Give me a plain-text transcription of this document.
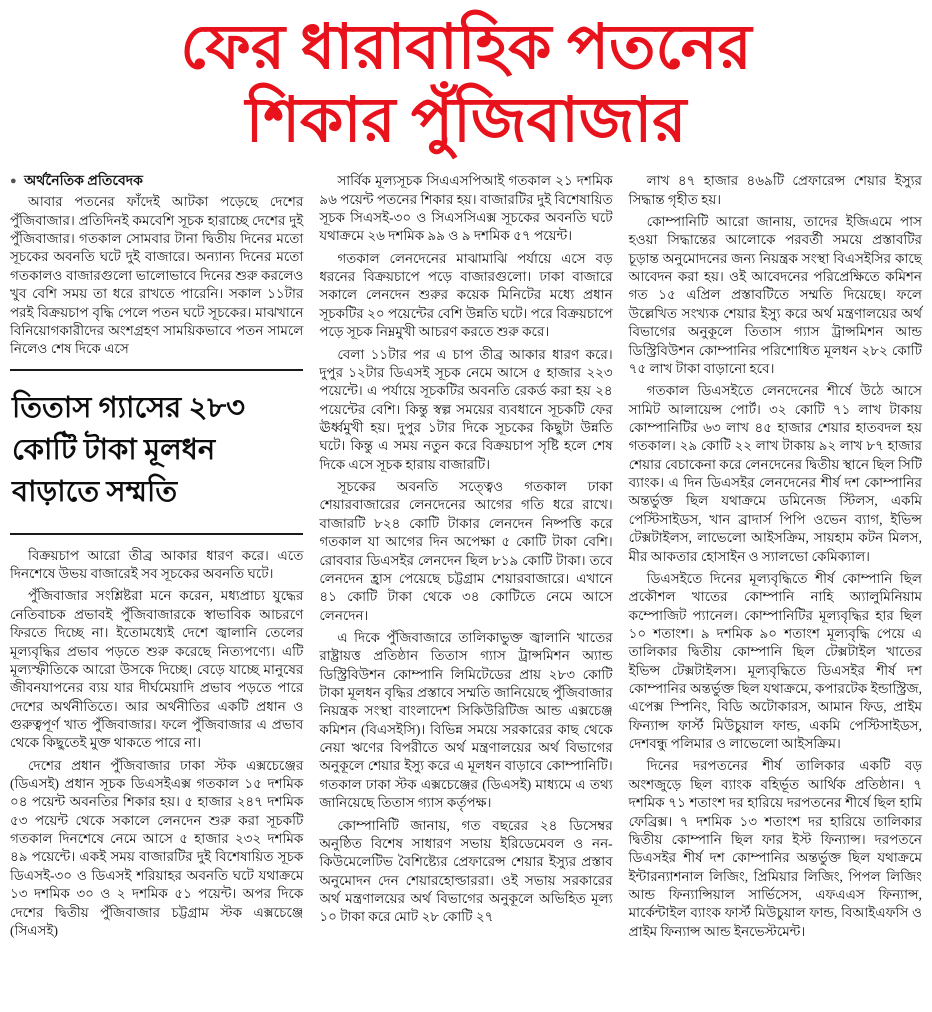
ফের ধারাবাহিক পতনের
শিকার পুঁজিবাজার
● অর্থনৈতিক প্রতিবেদক

আবার পতনের ফাঁদেই আটকা পড়েছে দেশের পুঁজিবাজার। প্রতিদিনই কমবেশি সূচক হারাচ্ছে দেশের দুই পুঁজিবাজার। গতকাল সোমবার টানা দ্বিতীয় দিনের মতো সূচকের অবনতি ঘটে দুই বাজারে। অন্যান্য দিনের মতো গতকালও বাজারগুলো ভালোভাবে দিনের শুরু করলেও খুব বেশি সময় তা ধরে রাখতে পারেনি। সকাল ১১টার পরই বিক্রয়চাপ বৃদ্ধি পেলে পতন ঘটে সূচকের। মাঝখানে বিনিয়োগকারীদের অংশগ্রহণ সাময়িকভাবে পতন সামলে নিলেও শেষ দিকে এসে

তিতাস গ্যাসের ২৮৩ কোটি টাকা মূলধন বাড়াতে সম্মতি

বিক্রয়চাপ আরো তীব্র আকার ধারণ করে। এতে দিনশেষে উভয় বাজারেই সব সূচকের অবনতি ঘটে।

পুঁজিবাজার সংশ্লিষ্টরা মনে করেন, মধ্যপ্রাচ্য যুদ্ধের নেতিবাচক প্রভাবই পুঁজিবাজারকে স্বাভাবিক আচরণে ফিরতে দিচ্ছে না। ইতোমধ্যেই দেশে জ্বালানি তেলের মূল্যবৃদ্ধির প্রভাব পড়তে শুরু করেছে নিত্যপণ্যে। এটি মূল্যস্ফীতিকে আরো উসকে দিচ্ছে। বেড়ে যাচ্ছে মানুষের জীবনযাপনের ব্যয় যার দীর্ঘমেয়াদি প্রভাব পড়তে পারে দেশের অর্থনীতিতে। আর অর্থনীতির একটি প্রধান ও গুরুত্বপূর্ণ খাত পুঁজিবাজার। ফলে পুঁজিবাজার এ প্রভাব থেকে কিছুতেই মুক্ত থাকতে পারে না।

দেশের প্রধান পুঁজিবাজার ঢাকা স্টক এক্সচেঞ্জের (ডিএসই) প্রধান সূচক ডিএসইএক্স গতকাল ১৫ দশমিক ০৪ পয়েন্ট অবনতির শিকার হয়। ৫ হাজার ২৪৭ দশমিক ৫৩ পয়েন্ট থেকে সকালে লেনদেন শুরু করা সূচকটি গতকাল দিনশেষে নেমে আসে ৫ হাজার ২৩২ দশমিক ৪৯ পয়েন্টে। একই সময় বাজারটির দুই বিশেষায়িত সূচক ডিএসই-৩০ ও ডিএসই শরিয়াহর অবনতি ঘটে যথাক্রমে ১৩ দশমিক ৩০ ও ২ দশমিক ৫১ পয়েন্ট। অপর দিকে দেশের দ্বিতীয় পুঁজিবাজার চট্টগ্রাম স্টক এক্সচেঞ্জে (সিএসই)

সার্বিক মূল্যসূচক সিএএসপিআই গতকাল ২১ দশমিক ৯৬ পয়েন্ট পতনের শিকার হয়। বাজারটির দুই বিশেষায়িত সূচক সিএসই-৩০ ও সিএসসিএক্স সূচকের অবনতি ঘটে যথাক্রমে ২৬ দশমিক ৯৯ ও ৯ দশমিক ৫৭ পয়েন্ট।

গতকাল লেনদেনের মাঝামাঝি পর্যায়ে এসে বড় ধরনের বিক্রয়চাপে পড়ে বাজারগুলো। ঢাকা বাজারে সকালে লেনদেন শুরুর কয়েক মিনিটের মধ্যে প্রধান সূচকটির ২০ পয়েন্টের বেশি উন্নতি ঘটে। পরে বিক্রয়চাপে পড়ে সূচক নিম্নমুখী আচরণ করতে শুরু করে।

বেলা ১১টার পর এ চাপ তীব্র আকার ধারণ করে। দুপুর ১২টার ডিএসই সূচক নেমে আসে ৫ হাজার ২২৩ পয়েন্টে। এ পর্যায়ে সূচকটির অবনতি রেকর্ড করা হয় ২৪ পয়েন্টের বেশি। কিন্তু স্বল্প সময়ের ব্যবধানে সূচকটি ফের ঊর্ধ্বমুখী হয়। দুপুর ১টার দিকে সূচকের কিছুটা উন্নতি ঘটে। কিন্তু এ সময় নতুন করে বিক্রয়চাপ সৃষ্টি হলে শেষ দিকে এসে সূচক হারায় বাজারটি।

সূচকের অবনতি সত্ত্বেও গতকাল ঢাকা শেয়ারবাজারের লেনদেনের আগের গতি ধরে রাখে। বাজারটি ৮২৪ কোটি টাকার লেনদেন নিষ্পত্তি করে গতকাল যা আগের দিন অপেক্ষা ৫ কোটি টাকা বেশি। রোববার ডিএসইর লেনদেন ছিল ৮১৯ কোটি টাকা। তবে লেনদেন হ্রাস পেয়েছে চট্টগ্রাম শেয়ারবাজারে। এখানে ৪১ কোটি টাকা থেকে ৩৪ কোটিতে নেমে আসে লেনদেন।

এ দিকে পুঁজিবাজারে তালিকাভুক্ত জ্বালানি খাতের রাষ্ট্রায়ত্ত প্রতিষ্ঠান তিতাস গ্যাস ট্রান্সমিশন অ্যান্ড ডিস্ট্রিবিউশন কোম্পানি লিমিটেডের প্রায় ২৮৩ কোটি টাকা মূলধন বৃদ্ধির প্রস্তাবে সম্মতি জানিয়েছে পুঁজিবাজার নিয়ন্ত্রক সংস্থা বাংলাদেশ সিকিউরিটিজ আন্ড এক্সচেঞ্জ কমিশন (বিএসইসি)। বিভিন্ন সময়ে সরকারের কাছ থেকে নেয়া ঋণের বিপরীতে অর্থ মন্ত্রণালয়ের অর্থ বিভাগের অনুকূলে শেয়ার ইস্যু করে এ মূলধন বাড়াবে কোম্পানিটি। গতকাল ঢাকা স্টক এক্সচেঞ্জের (ডিএসই) মাধ্যমে এ তথ্য জানিয়েছে তিতাস গ্যাস কর্তৃপক্ষ।

কোম্পানিটি জানায়, গত বছরের ২৪ ডিসেম্বর অনুষ্ঠিত বিশেষ সাধারণ সভায় ইরিডেমেবল ও নন-কিউমেলেটিভ বৈশিষ্ট্যের প্রেফারেন্স শেয়ার ইস্যুর প্রস্তাব অনুমোদন দেন শেয়ারহোল্ডাররা। ওই সভায় সরকারের অর্থ মন্ত্রণালয়ের অর্থ বিভাগের অনুকূলে অভিহিত মূল্য ১০ টাকা করে মোট ২৮ কোটি ২৭

লাখ ৪৭ হাজার ৪৬৯টি প্রেফারেন্স শেয়ার ইস্যুর সিদ্ধান্ত গৃহীত হয়।

কোম্পানিটি আরো জানায়, তাদের ইজিএমে পাস হওয়া সিদ্ধান্তের আলোকে পরবর্তী সময়ে প্রস্তাবটির চূড়ান্ত অনুমোদনের জন্য নিয়ন্ত্রক সংস্থা বিএসইসির কাছে আবেদন করা হয়। ওই আবেদনের পরিপ্রেক্ষিতে কমিশন গত ১৫ এপ্রিল প্রস্তাবটিতে সম্মতি দিয়েছে। ফলে উল্লেখিত সংখ্যক শেয়ার ইস্যু করে অর্থ মন্ত্রণালয়ের অর্থ বিভাগের অনুকূলে তিতাস গ্যাস ট্রান্সমিশন আন্ড ডিস্ট্রিবিউশন কোম্পানির পরিশোধিত মূলধন ২৮২ কোটি ৭৫ লাখ টাকা বাড়ানো হবে।

গতকাল ডিএসইতে লেনদেনের শীর্ষে উঠে আসে সামিট আলায়েন্স পোর্ট। ৩২ কোটি ৭১ লাখ টাকায় কোম্পানিটির ৬৩ লাখ ৪৫ হাজার শেয়ার হাতবদল হয় গতকাল। ২৯ কোটি ২২ লাখ টাকায় ৯২ লাখ ৮৭ হাজার শেয়ার বেচাকেনা করে লেনদেনের দ্বিতীয় স্থানে ছিল সিটি ব্যাংক। এ দিন ডিএসইর লেনদেনের শীর্ষ দশ কোম্পানির অন্তর্ভুক্ত ছিল যথাক্রমে ডমিনেজ স্টিলস, একমি পেস্টিসাইডস, খান ব্রাদার্স পিপি ওভেন ব্যাগ, ইভিন্স টেক্সটাইলস, লাভেলো আইসক্রিম, সায়হাম কটন মিলস, মীর আকতার হোসাইন ও স্যালভো কেমিক্যাল।

ডিএসইতে দিনের মূল্যবৃদ্ধিতে শীর্ষ কোম্পানি ছিল প্রকৌশল খাতের কোম্পানি নাহি অ্যালুমিনিয়াম কম্পোজিট প্যানেল। কোম্পানিটির মূল্যবৃদ্ধির হার ছিল ১০ শতাংশ। ৯ দশমিক ৯০ শতাংশ মূল্যবৃদ্ধি পেয়ে এ তালিকার দ্বিতীয় কোম্পানি ছিল টেক্সটাইল খাতের ইভিন্স টেক্সটাইলস। মূল্যবৃদ্ধিতে ডিএসইর শীর্ষ দশ কোম্পানির অন্তর্ভুক্ত ছিল যথাক্রমে, কপারটেক ইন্ডাস্ট্রিজ, এপেক্স স্পিনিং, বিডি অটোকারস, আমান ফিড, প্রাইম ফিন্যান্স ফার্স্ট মিউচুয়াল ফান্ড, একমি পেস্টিসাইডস, দেশবন্ধু পলিমার ও লাভেলো আইসক্রিম।

দিনের দরপতনের শীর্ষ তালিকার একটি বড় অংশজুড়ে ছিল ব্যাংক বহির্ভূত আর্থিক প্রতিষ্ঠান। ৭ দশমিক ৭১ শতাংশ দর হারিয়ে দরপতনের শীর্ষে ছিল হামি ফেব্রিক্স। ৭ দশমিক ১৩ শতাংশ দর হারিয়ে তালিকার দ্বিতীয় কোম্পানি ছিল ফার ইস্ট ফিন্যান্স। দরপতনে ডিএসইর শীর্ষ দশ কোম্পানির অন্তর্ভুক্ত ছিল যথাক্রমে ইন্টারন্যাশনাল লিজিং, প্রিমিয়ার লিজিং, পিপল লিজিং আন্ড ফিন্যান্সিয়াল সার্ভিসেস, এফএএস ফিন্যান্স, মার্কেন্টাইল ব্যাংক ফার্স্ট মিউচুয়াল ফান্ড, বিআইএফসি ও প্রাইম ফিন্যান্স আন্ড ইনভেস্টমেন্ট।
